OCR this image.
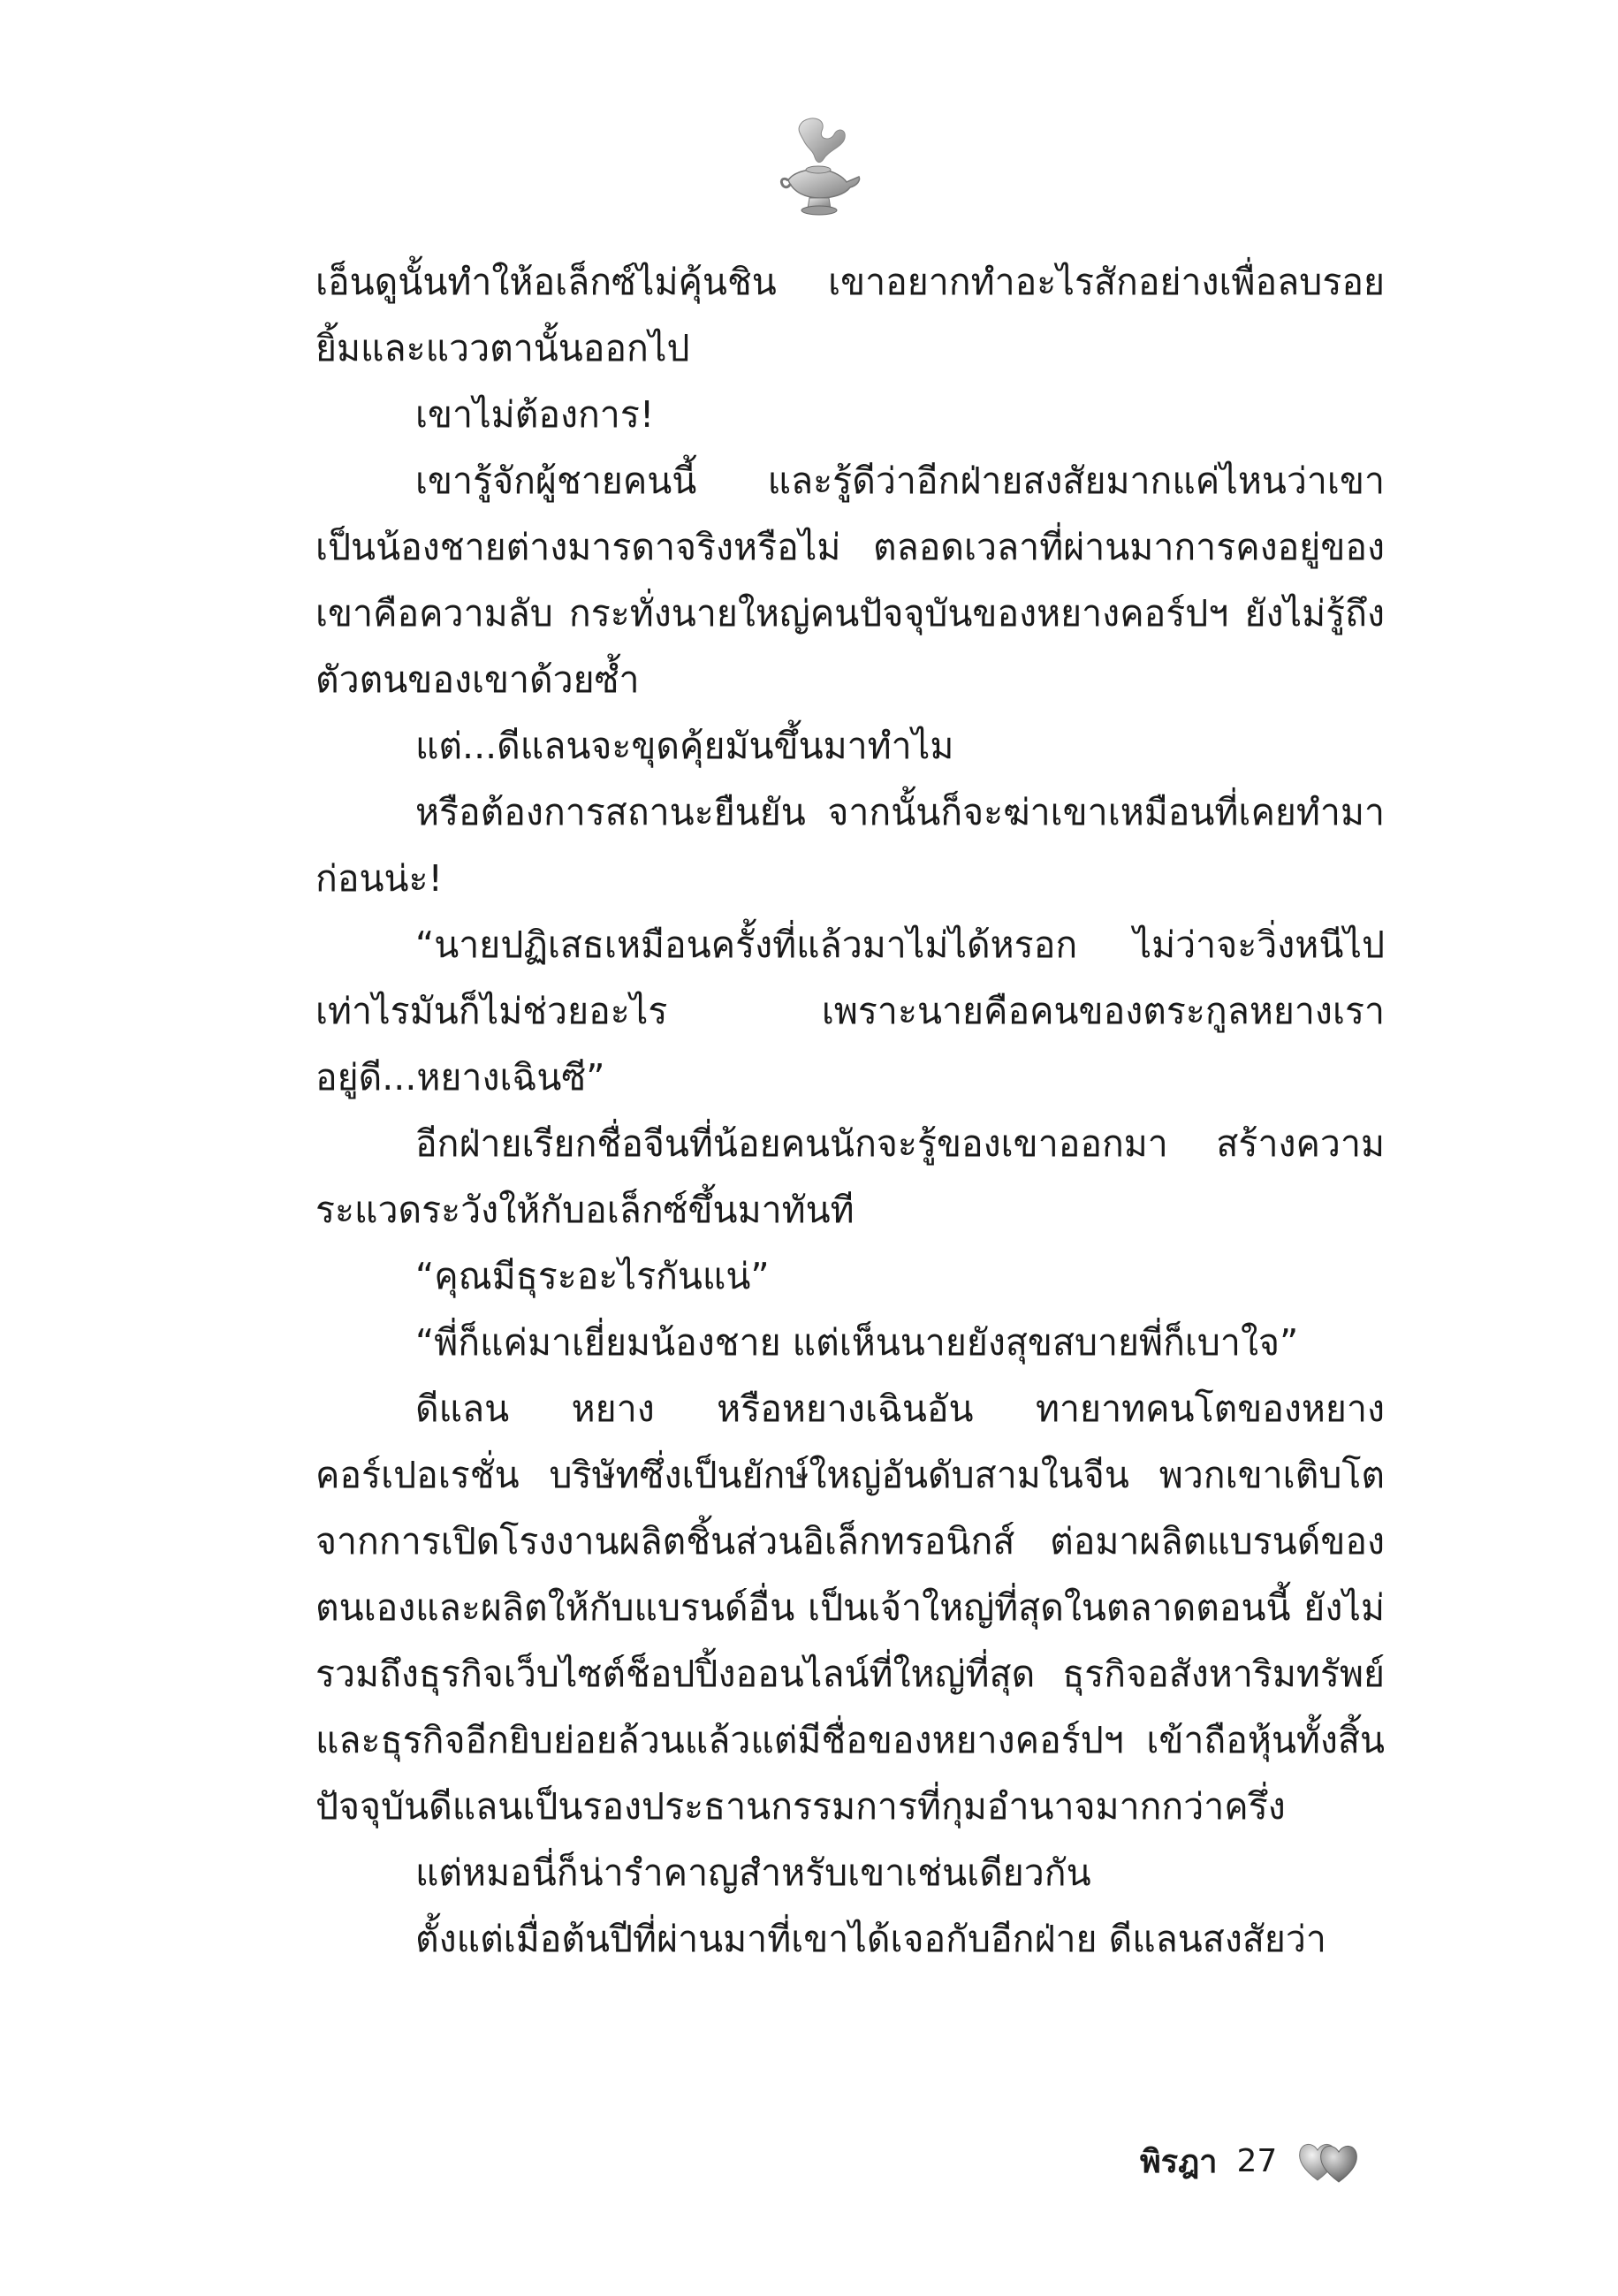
เอ็นดูนั้นทำให้อเล็กซ์ไม่คุ้นชิน เขาอยากทำอะไรสักอย่างเพื่อลบรอยยิ้มและแววตานั้นออกไป

เขาไม่ต้องการ!

เขารู้จักผู้ชายคนนี้ และรู้ดีว่าอีกฝ่ายสงสัยมากแค่ไหนว่าเขาเป็นน้องชายต่างมารดาจริงหรือไม่ ตลอดเวลาที่ผ่านมาการคงอยู่ของเขาคือความลับ กระทั่งนายใหญ่คนปัจจุบันของหยางคอร์ปฯ ยังไม่รู้ถึงตัวตนของเขาด้วยซ้ำ

แต่...ดีแลนจะขุดคุ้ยมันขึ้นมาทำไม

หรือต้องการสถานะยืนยัน จากนั้นก็จะฆ่าเขาเหมือนที่เคยทำมาก่อนน่ะ!

“นายปฏิเสธเหมือนครั้งที่แล้วมาไม่ได้หรอก ไม่ว่าจะวิ่งหนีไปเท่าไรมันก็ไม่ช่วยอะไร เพราะนายคือคนของตระกูลหยางเราอยู่ดี...หยางเฉินซี”

อีกฝ่ายเรียกชื่อจีนที่น้อยคนนักจะรู้ของเขาออกมา สร้างความระแวดระวังให้กับอเล็กซ์ขึ้นมาทันที

“คุณมีธุระอะไรกันแน่”

“พี่ก็แค่มาเยี่ยมน้องชาย แต่เห็นนายยังสุขสบายพี่ก็เบาใจ”

ดีแลน หยาง หรือหยางเฉินอัน ทายาทคนโตของหยางคอร์เปอเรชั่น บริษัทซึ่งเป็นยักษ์ใหญ่อันดับสามในจีน พวกเขาเติบโตจากการเปิดโรงงานผลิตชิ้นส่วนอิเล็กทรอนิกส์ ต่อมาผลิตแบรนด์ของตนเองและผลิตให้กับแบรนด์อื่น เป็นเจ้าใหญ่ที่สุดในตลาดตอนนี้ ยังไม่รวมถึงธุรกิจเว็บไซต์ช็อปปิ้งออนไลน์ที่ใหญ่ที่สุด ธุรกิจอสังหาริมทรัพย์ และธุรกิจอีกยิบย่อยล้วนแล้วแต่มีชื่อของหยางคอร์ปฯ เข้าถือหุ้นทั้งสิ้น ปัจจุบันดีแลนเป็นรองประธานกรรมการที่กุมอำนาจมากกว่าครึ่ง

แต่หมอนี่ก็น่ารำคาญสำหรับเขาเช่นเดียวกัน

ตั้งแต่เมื่อต้นปีที่ผ่านมาที่เขาได้เจอกับอีกฝ่าย ดีแลนสงสัยว่า

พิรฎา 27
